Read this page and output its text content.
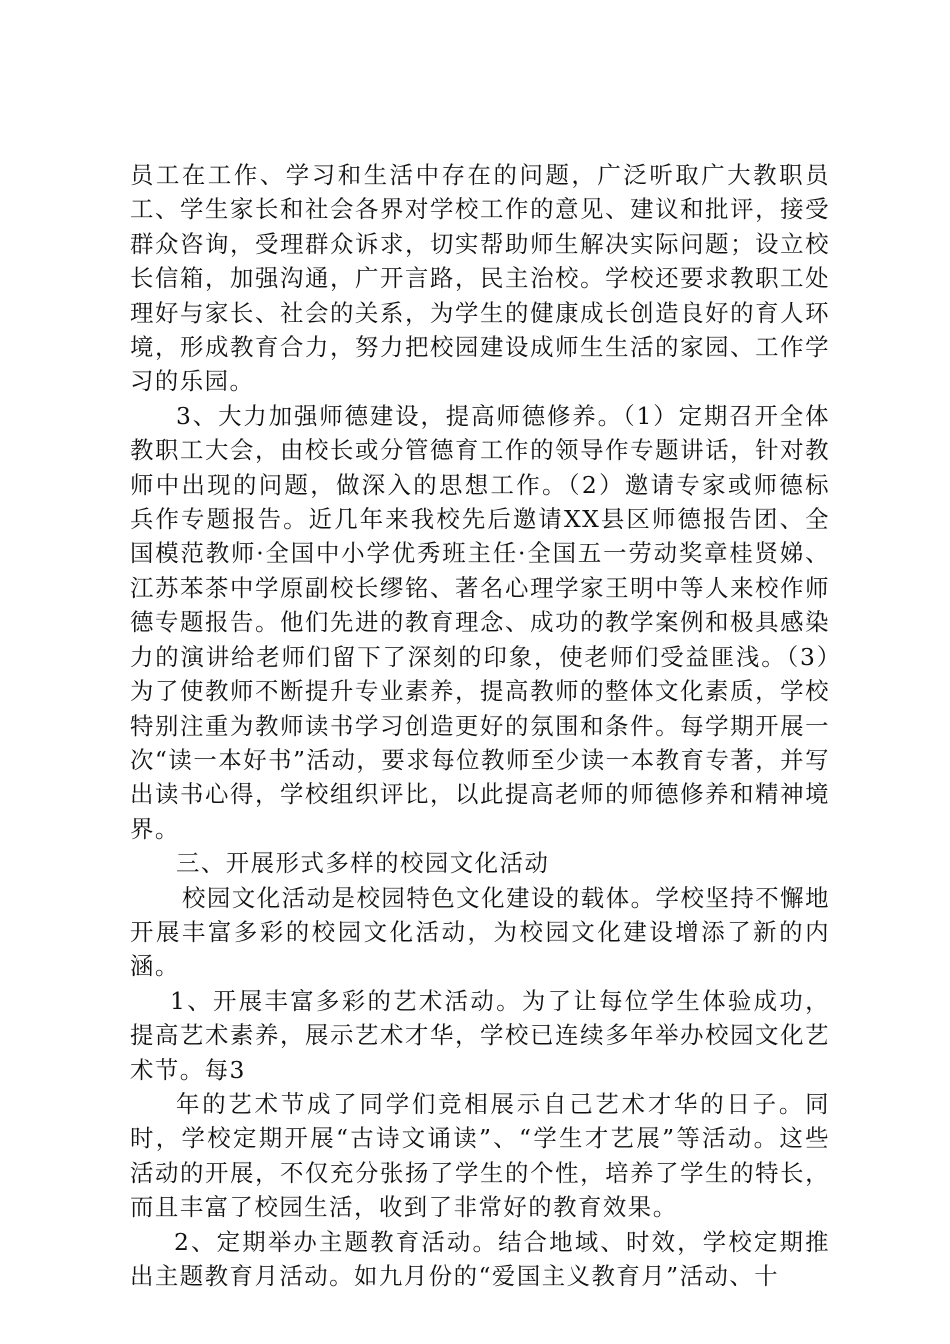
员工在工作、学习和生活中存在的问题，广泛听取广大教职员工、学生家长和社会各界对学校工作的意见、建议和批评，接受群众咨询，受理群众诉求，切实帮助师生解决实际问题；设立校长信箱，加强沟通，广开言路，民主治校。学校还要求教职工处理好与家长、社会的关系，为学生的健康成长创造良好的育人环境，形成教育合力，努力把校园建设成师生生活的家园、工作学习的乐园。

3、大力加强师德建设，提高师德修养。（1）定期召开全体教职工大会，由校长或分管德育工作的领导作专题讲话，针对教师中出现的问题，做深入的思想工作。（2）邀请专家或师德标兵作专题报告。近几年来我校先后邀请XX县区师德报告团、全国模范教师·全国中小学优秀班主任·全国五一劳动奖章桂贤娣、江苏苯茶中学原副校长缪铭、著名心理学家王明中等人来校作师德专题报告。他们先进的教育理念、成功的教学案例和极具感染力的演讲给老师们留下了深刻的印象，使老师们受益匪浅。（3）为了使教师不断提升专业素养，提高教师的整体文化素质，学校特别注重为教师读书学习创造更好的氛围和条件。每学期开展一次“读一本好书”活动，要求每位教师至少读一本教育专著，并写出读书心得，学校组织评比，以此提高老师的师德修养和精神境界。

三、开展形式多样的校园文化活动

校园文化活动是校园特色文化建设的载体。学校坚持不懈地开展丰富多彩的校园文化活动，为校园文化建设增添了新的内涵。

1、开展丰富多彩的艺术活动。为了让每位学生体验成功，提高艺术素养，展示艺术才华，学校已连续多年举办校园文化艺术节。每3

年的艺术节成了同学们竞相展示自己艺术才华的日子。同时，学校定期开展“古诗文诵读”、“学生才艺展”等活动。这些活动的开展，不仅充分张扬了学生的个性，培养了学生的特长，而且丰富了校园生活，收到了非常好的教育效果。

2、定期举办主题教育活动。结合地域、时效，学校定期推出主题教育月活动。如九月份的“爱国主义教育月”活动、十
